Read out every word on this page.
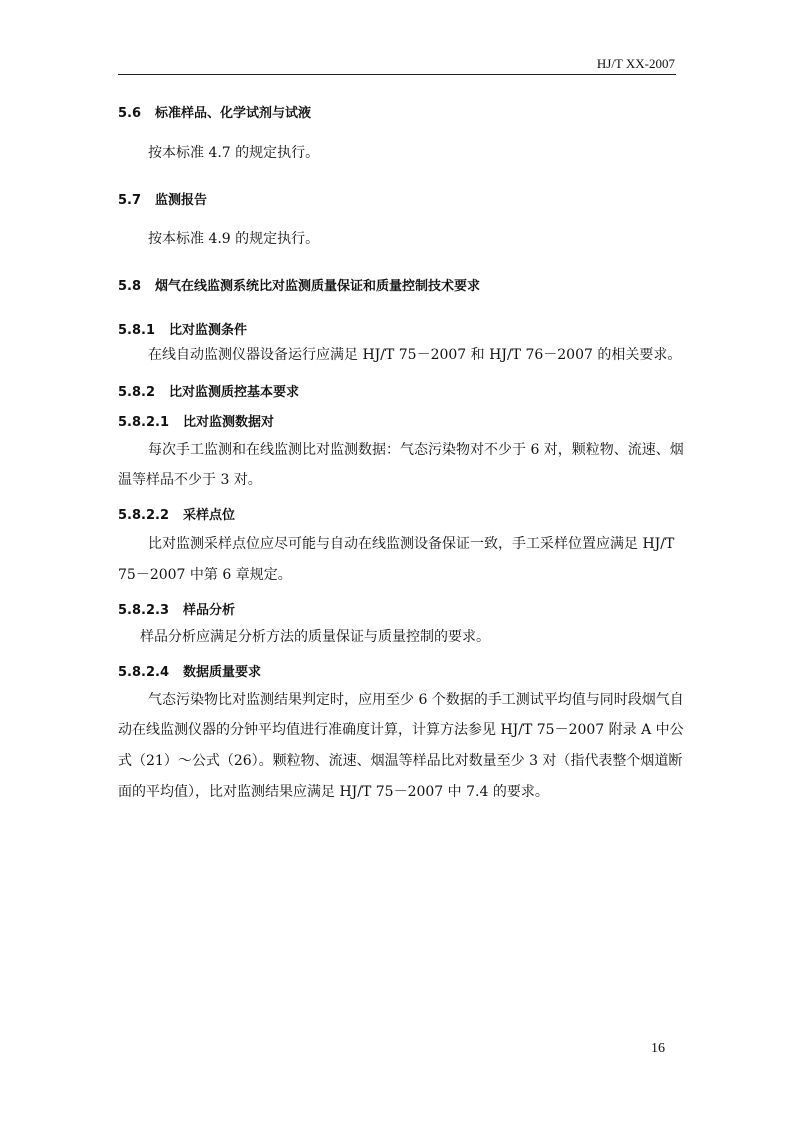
HJ/T XX-2007
5.6 标准样品、化学试剂与试液
按本标准 4.7 的规定执行。
5.7 监测报告
按本标准 4.9 的规定执行。
5.8 烟气在线监测系统比对监测质量保证和质量控制技术要求
5.8.1 比对监测条件
在线自动监测仪器设备运行应满足 HJ/T 75－2007 和 HJ/T 76－2007 的相关要求。
5.8.2 比对监测质控基本要求
5.8.2.1 比对监测数据对
每次手工监测和在线监测比对监测数据：气态污染物对不少于 6 对，颗粒物、流速、烟
温等样品不少于 3 对。
5.8.2.2 采样点位
比对监测采样点位应尽可能与自动在线监测设备保证一致，手工采样位置应满足 HJ/T
75－2007 中第 6 章规定。
5.8.2.3 样品分析
样品分析应满足分析方法的质量保证与质量控制的要求。
5.8.2.4 数据质量要求
气态污染物比对监测结果判定时，应用至少 6 个数据的手工测试平均值与同时段烟气自
动在线监测仪器的分钟平均值进行准确度计算，计算方法参见 HJ/T 75－2007 附录 A 中公
式（21）～公式（26）。颗粒物、流速、烟温等样品比对数量至少 3 对（指代表整个烟道断
面的平均值），比对监测结果应满足 HJ/T 75－2007 中 7.4 的要求。
16
